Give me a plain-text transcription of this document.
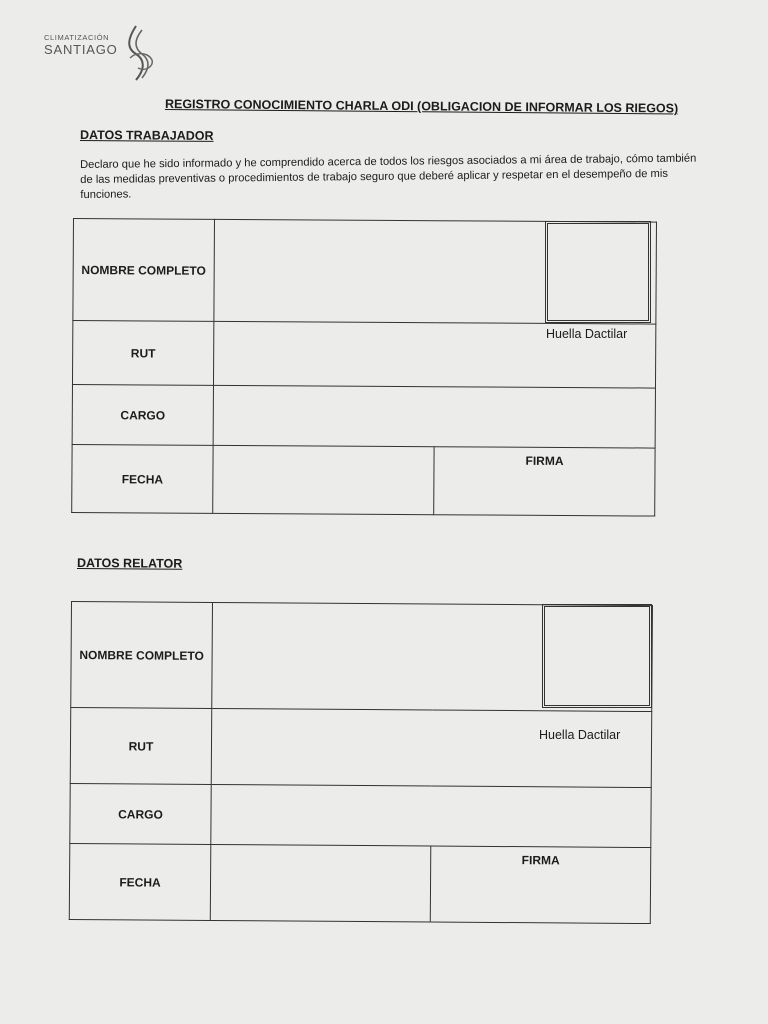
CLIMATIZACIÓN
SANTIAGO
REGISTRO CONOCIMIENTO CHARLA ODI (OBLIGACION DE INFORMAR LOS RIEGOS)
DATOS TRABAJADOR
Declaro que he sido informado y he comprendido acerca de todos los riesgos asociados a mi área de trabajo, cómo también de las medidas preventivas o procedimientos de trabajo seguro que deberé aplicar y respetar en el desempeño de mis funciones.
NOMBRE COMPLETO		
RUT		
CARGO		
FECHA		FIRMA
Huella Dactilar
DATOS RELATOR
NOMBRE COMPLETO		
RUT		
CARGO		
FECHA		FIRMA
Huella Dactilar
